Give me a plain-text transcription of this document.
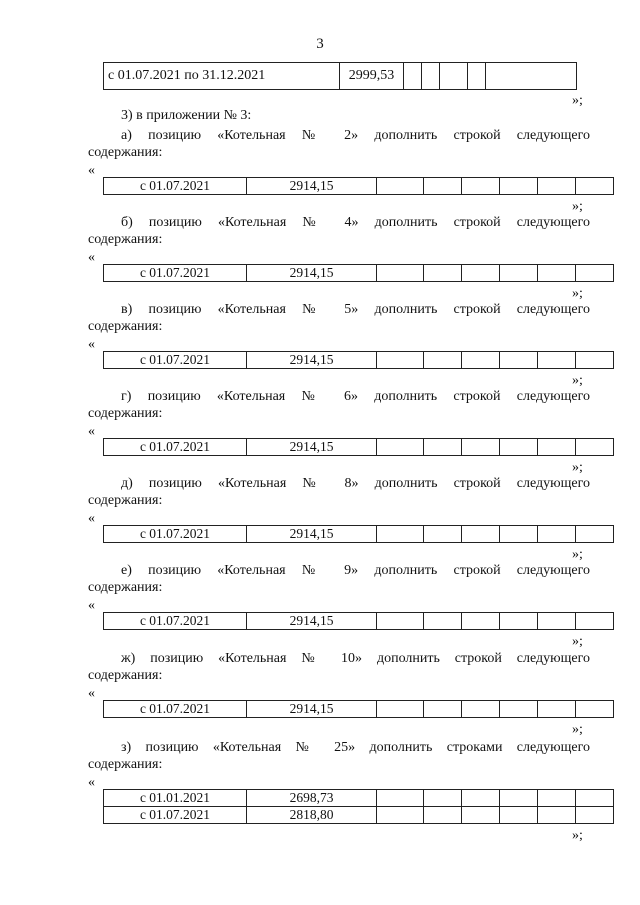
3
с 01.07.2021 по 31.12.2021	2999,53					
»;
3) в приложении № 3:
а) позицию «Котельная № 2» дополнить строкой следующего
содержания:
«
с 01.07.2021	2914,15						
»;
б) позицию «Котельная № 4» дополнить строкой следующего
содержания:
«
с 01.07.2021	2914,15						
»;
в) позицию «Котельная № 5» дополнить строкой следующего
содержания:
«
с 01.07.2021	2914,15						
»;
г) позицию «Котельная № 6» дополнить строкой следующего
содержания:
«
с 01.07.2021	2914,15						
»;
д) позицию «Котельная № 8» дополнить строкой следующего
содержания:
«
с 01.07.2021	2914,15						
»;
е) позицию «Котельная № 9» дополнить строкой следующего
содержания:
«
с 01.07.2021	2914,15						
»;
ж) позицию «Котельная № 10» дополнить строкой следующего
содержания:
«
с 01.07.2021	2914,15						
»;
з) позицию «Котельная № 25» дополнить строками следующего
содержания:
«
с 01.01.2021	2698,73						
с 01.07.2021	2818,80						
»;
